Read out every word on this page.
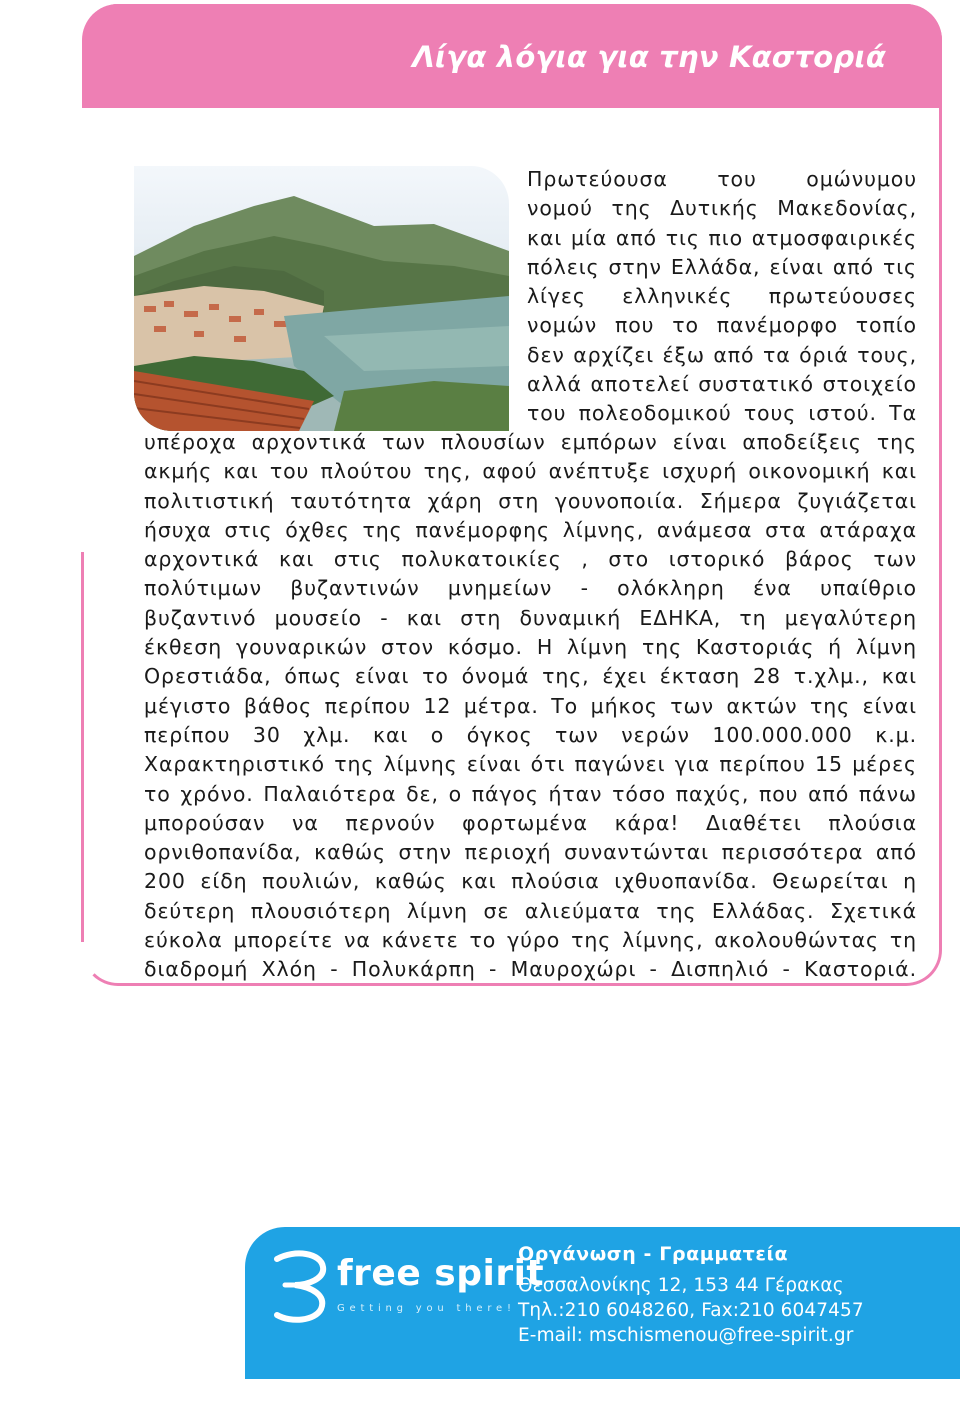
Λίγα λόγια για την Καστοριά
Πρωτεύουσα του ομώνυμου
νομού της Δυτικής Μακεδονίας,
και μία από τις πιο ατμοσφαιρικές
πόλεις στην Ελλάδα, είναι από τις
λίγες ελληνικές πρωτεύουσες
νομών που το πανέμορφο τοπίο
δεν αρχίζει έξω από τα όριά τους,
αλλά αποτελεί συστατικό στοιχείο
του πολεοδομικού τους ιστού. Τα
υπέροχα αρχοντικά των πλουσίων εμπόρων είναι αποδείξεις της
ακμής και του πλούτου της, αφού ανέπτυξε ισχυρή οικονομική και
πολιτιστική ταυτότητα χάρη στη γουνοποιία. Σήμερα ζυγιάζεται
ήσυχα στις όχθες της πανέμορφης λίμνης, ανάμεσα στα ατάραχα
αρχοντικά και στις πολυκατοικίες , στο ιστορικό βάρος των
πολύτιμων βυζαντινών μνημείων - ολόκληρη ένα υπαίθριο
βυζαντινό μουσείο - και στη δυναμική ΕΔΗΚΑ, τη μεγαλύτερη
έκθεση γουναρικών στον κόσμο. Η λίμνη της Καστοριάς ή λίμνη
Ορεστιάδα, όπως είναι το όνομά της, έχει έκταση 28 τ.χλμ., και
μέγιστο βάθος περίπου 12 μέτρα. Το μήκος των ακτών της είναι
περίπου 30 χλμ. και ο όγκος των νερών 100.000.000 κ.μ.
Χαρακτηριστικό της λίμνης είναι ότι παγώνει για περίπου 15 μέρες
το χρόνο. Παλαιότερα δε, ο πάγος ήταν τόσο παχύς, που από πάνω
μπορούσαν να περνούν φορτωμένα κάρα! Διαθέτει πλούσια
ορνιθοπανίδα, καθώς στην περιοχή συναντώνται περισσότερα από
200 είδη πουλιών, καθώς και πλούσια ιχθυοπανίδα. Θεωρείται η
δεύτερη πλουσιότερη λίμνη σε αλιεύματα της Ελλάδας. Σχετικά
εύκολα μπορείτε να κάνετε το γύρο της λίμνης, ακολουθώντας τη
διαδρομή Χλόη - Πολυκάρπη - Μαυροχώρι - Δισπηλιό - Καστοριά.
free spirit
Getting you there!
Οργάνωση - Γραμματεία
Θεσσαλονίκης 12, 153 44 Γέρακας
Τηλ.:210 6048260, Fax:210 6047457
E-mail: mschismenou@free-spirit.gr
